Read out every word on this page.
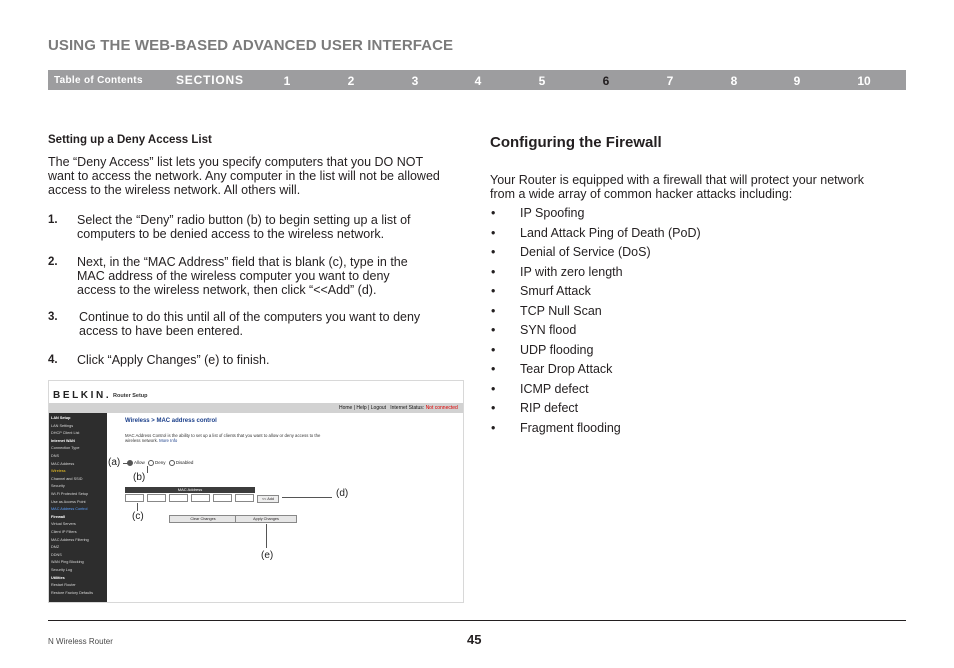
USING THE WEB-BASED ADVANCED USER INTERFACE
Table of Contents	SECTIONS	1	2	3	4	5	6	7	8	9	10
Setting up a Deny Access List
The “Deny Access” list lets you specify computers that you DO NOT
want to access the network. Any computer in the list will not be allowed
access to the wireless network. All others will.
1. Select the “Deny” radio button (b) to begin setting up a list of
computers to be denied access to the wireless network.
2. Next, in the “MAC Address” field that is blank (c), type in the
MAC address of the wireless computer you want to deny
access to the wireless network, then click “<<Add” (d).
3. Continue to do this until all of the computers you want to deny
access to have been entered.
4. Click “Apply Changes” (e) to finish.
BELKIN. Router Setup
Home | Help | Logout Internet Status: Not connected
LAN Setup
LAN Settings
DHCP Client List
Internet WAN
Connection Type
DNS
MAC Address
Wireless
Channel and SSID
Security
Wi-Fi Protected Setup
Use as Access Point
MAC Address Control
Firewall
Virtual Servers
Client IP Filters
MAC Address Filtering
DMZ
DDNS
WAN Ping Blocking
Security Log
Utilities
Restart Router
Restore Factory Defaults
Wireless > MAC address control
MAC Address Control is the ability to set up a list of clients that you want to allow or deny access to the
wireless network. More Info
Allow Deny Disabled
MAC Address
<< Add
Clear Changes	Apply Changes
(a)
(b)
(c)
(d)
(e)
Configuring the Firewall
Your Router is equipped with a firewall that will protect your network
from a wide array of common hacker attacks including:
• IP Spoofing
• Land Attack Ping of Death (PoD)
• Denial of Service (DoS)
• IP with zero length
• Smurf Attack
• TCP Null Scan
• SYN flood
• UDP flooding
• Tear Drop Attack
• ICMP defect
• RIP defect
• Fragment flooding
N Wireless Router	45
